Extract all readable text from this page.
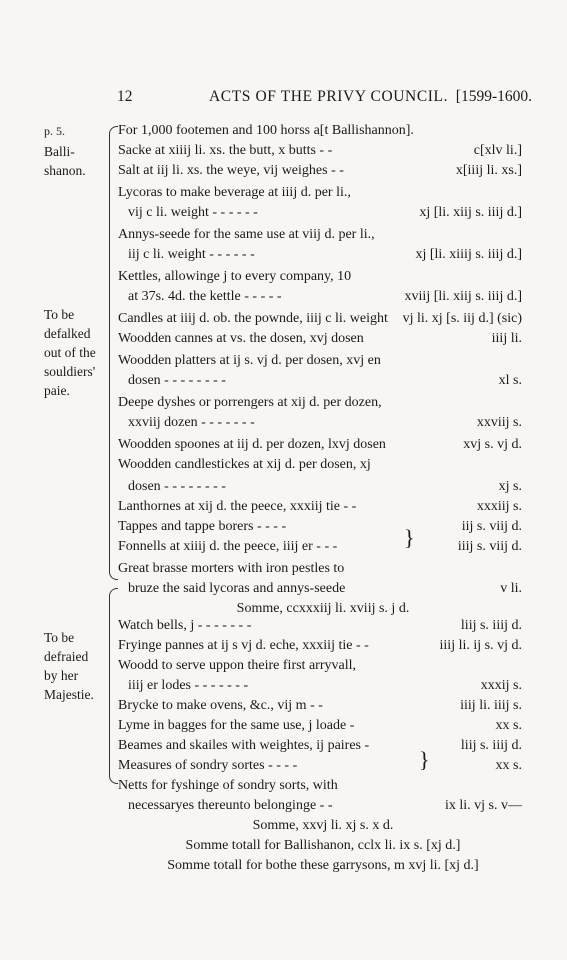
12	ACTS OF THE PRIVY COUNCIL. [1599-1600.
p. 5.
Balli-
shanon.
To be
defalked
out of the
souldiers'
paie.
To be
defraied
by her
Majestie.
}
}
For 1,000 footemen and 100 horss a[t Ballishannon].
Sacke at xiiij li. xs. the butt, x butts - -	c[xlv li.]
Salt at iij li. xs. the weye, vij weighes - -	x[iiij li. xs.]
Lycoras to make beverage at iiij d. per li.,
vij c li. weight - - - - - -	xj [li. xiij s. iiij d.]
Annys-seede for the same use at viij d. per li.,
iij c li. weight - - - - - -	xj [li. xiiij s. iiij d.]
Kettles, allowinge j to every company, 10
at 37s. 4d. the kettle - - - - -	xviij [li. xiij s. iiij d.]
Candles at iiij d. ob. the pownde, iiij c li. weight vj li. xj [s. iij d.] (sic)
Woodden cannes at vs. the dosen, xvj dosen	iiij li.
Woodden platters at ij s. vj d. per dosen, xvj en
dosen - - - - - - - -	xl s.
Deepe dyshes or porrengers at xij d. per dozen,
xxviij dozen - - - - - - -	xxviij s.
Woodden spoones at iij d. per dozen, lxvj dosen	xvj s. vj d.
Woodden candlestickes at xij d. per dosen, xj
dosen - - - - - - - -	xj s.
Lanthornes at xij d. the peece, xxxiij tie - -	xxxiij s.
Tappes and tappe borers - - - -	iij s. viij d.
Fonnells at xiiij d. the peece, iiij er - - -	iiij s. viij d.
Great brasse morters with iron pestles to
bruze the said lycoras and annys-seede	v li.
Somme, ccxxxiij li. xviij s. j d.
Watch bells, j - - - - - - -	liij s. iiij d.
Fryinge pannes at ij s vj d. eche, xxxiij tie - -	iiij li. ij s. vj d.
Woodd to serve uppon theire first arryvall,
iiij er lodes - - - - - - -	xxxij s.
Brycke to make ovens, &c., vij m - -	iiij li. iiij s.
Lyme in bagges for the same use, j loade -	xx s.
Beames and skailes with weightes, ij paires -	liij s. iiij d.
Measures of sondry sortes - - - -	xx s.
Netts for fyshinge of sondry sorts, with
necessaryes thereunto belonginge - -	ix li. vj s. v—
Somme, xxvj li. xj s. x d.
Somme totall for Ballishanon, cclx li. ix s. [xj d.]
Somme totall for bothe these garrysons, m xvj li. [xj d.]
